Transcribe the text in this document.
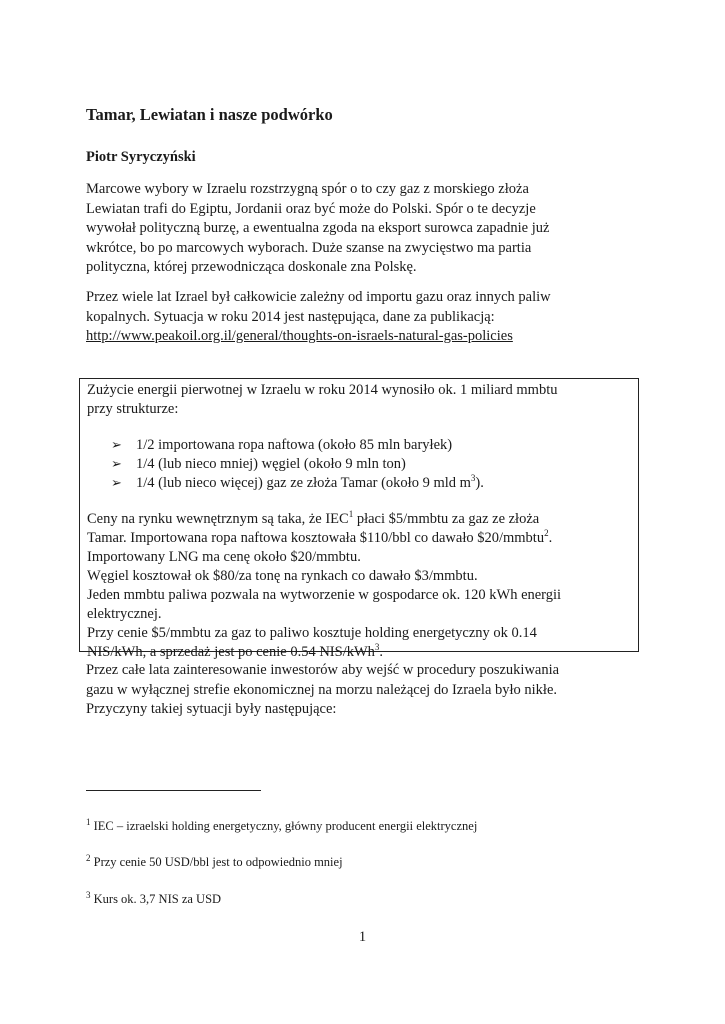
Tamar, Lewiatan i nasze podwórko
Piotr Syryczyński
Marcowe wybory w Izraelu rozstrzygną spór o to czy gaz z morskiego złoża
Lewiatan trafi do Egiptu, Jordanii oraz być może do Polski. Spór o te decyzje
wywołał polityczną burzę, a ewentualna zgoda na eksport surowca zapadnie już
wkrótce, bo po marcowych wyborach. Duże szanse na zwycięstwo ma partia
polityczna, której przewodnicząca doskonale zna Polskę.
Przez wiele lat Izrael był całkowicie zależny od importu gazu oraz innych paliw
kopalnych. Sytuacja w roku 2014 jest następująca, dane za publikacją:
http://www.peakoil.org.il/general/thoughts-on-israels-natural-gas-policies
Zużycie energii pierwotnej w Izraelu w roku 2014 wynosiło ok. 1 miliard mmbtu
przy strukturze:
➢ 1/2 importowana ropa naftowa (około 85 mln baryłek)
➢ 1/4 (lub nieco mniej) węgiel (około 9 mln ton)
➢ 1/4 (lub nieco więcej) gaz ze złoża Tamar (około 9 mld $m^3$).
Ceny na rynku wewnętrznym są taka, że IEC$^1$ płaci $5/mmbtu za gaz ze złoża
Tamar. Importowana ropa naftowa kosztowała $110/bbl co dawało $20/mmbtu$^2$.
Importowany LNG ma cenę około $20/mmbtu.
Węgiel kosztował ok $80/za tonę na rynkach co dawało $3/mmbtu.
Jeden mmbtu paliwa pozwala na wytworzenie w gospodarce ok. 120 kWh energii
elektrycznej.
Przy cenie $5/mmbtu za gaz to paliwo kosztuje holding energetyczny ok 0.14
NIS/kWh, a sprzedaż jest po cenie 0.54 NIS/kWh$^3$.
Przez całe lata zainteresowanie inwestorów aby wejść w procedury poszukiwania
gazu w wyłącznej strefie ekonomicznej na morzu należącej do Izraela było nikłe.
Przyczyny takiej sytuacji były następujące:
$^1$ IEC – izraelski holding energetyczny, główny producent energii elektrycznej
$^2$ Przy cenie 50 USD/bbl jest to odpowiednio mniej
$^3$ Kurs ok. 3,7 NIS za USD
1
